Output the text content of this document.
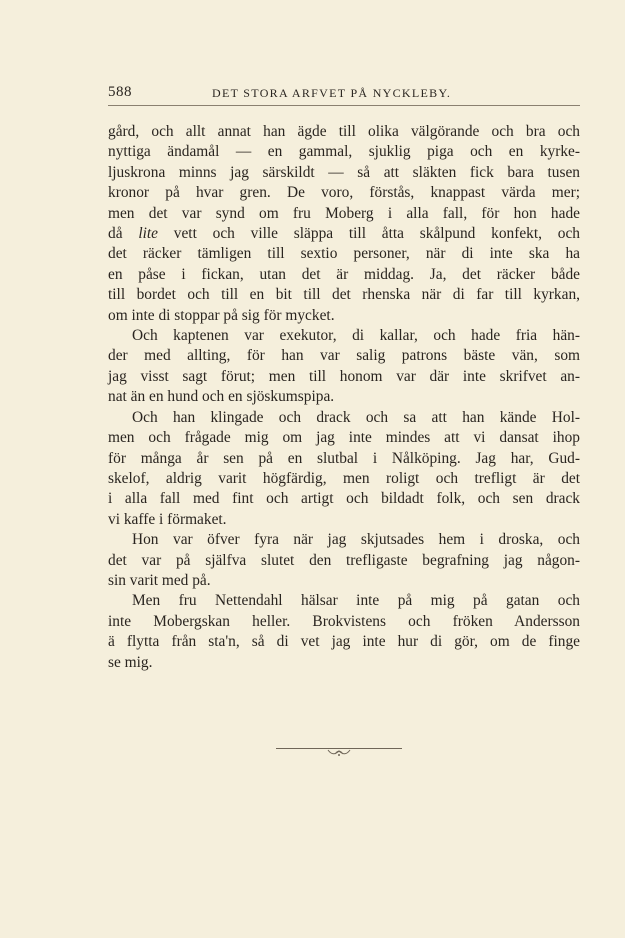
588	DET STORA ARFVET PÅ NYCKLEBY.

gård, och allt annat han ägde till olika välgörande och bra och
nyttiga ändamål — en gammal, sjuklig piga och en kyrke-
ljuskrona minns jag särskildt — så att släkten fick bara tusen
kronor på hvar gren. De voro, förstås, knappast värda mer;
men det var synd om fru Moberg i alla fall, för hon hade
då lite vett och ville släppa till åtta skålpund konfekt, och
det räcker tämligen till sextio personer, när di inte ska ha
en påse i fickan, utan det är middag. Ja, det räcker både
till bordet och till en bit till det rhenska när di far till kyrkan,
om inte di stoppar på sig för mycket.

Och kaptenen var exekutor, di kallar, och hade fria hän-
der med allting, för han var salig patrons bäste vän, som
jag visst sagt förut; men till honom var där inte skrifvet an-
nat än en hund och en sjöskumspipa.

Och han klingade och drack och sa att han kände Hol-
men och frågade mig om jag inte mindes att vi dansat ihop
för många år sen på en slutbal i Nålköping. Jag har, Gud-
skelof, aldrig varit högfärdig, men roligt och trefligt är det
i alla fall med fint och artigt och bildadt folk, och sen drack
vi kaffe i förmaket.

Hon var öfver fyra när jag skjutsades hem i droska, och
det var på själfva slutet den trefligaste begrafning jag någon-
sin varit med på.

Men fru Nettendahl hälsar inte på mig på gatan och
inte Mobergskan heller. Brokvistens och fröken Andersson
ä flytta från sta'n, så di vet jag inte hur di gör, om de finge
se mig.
